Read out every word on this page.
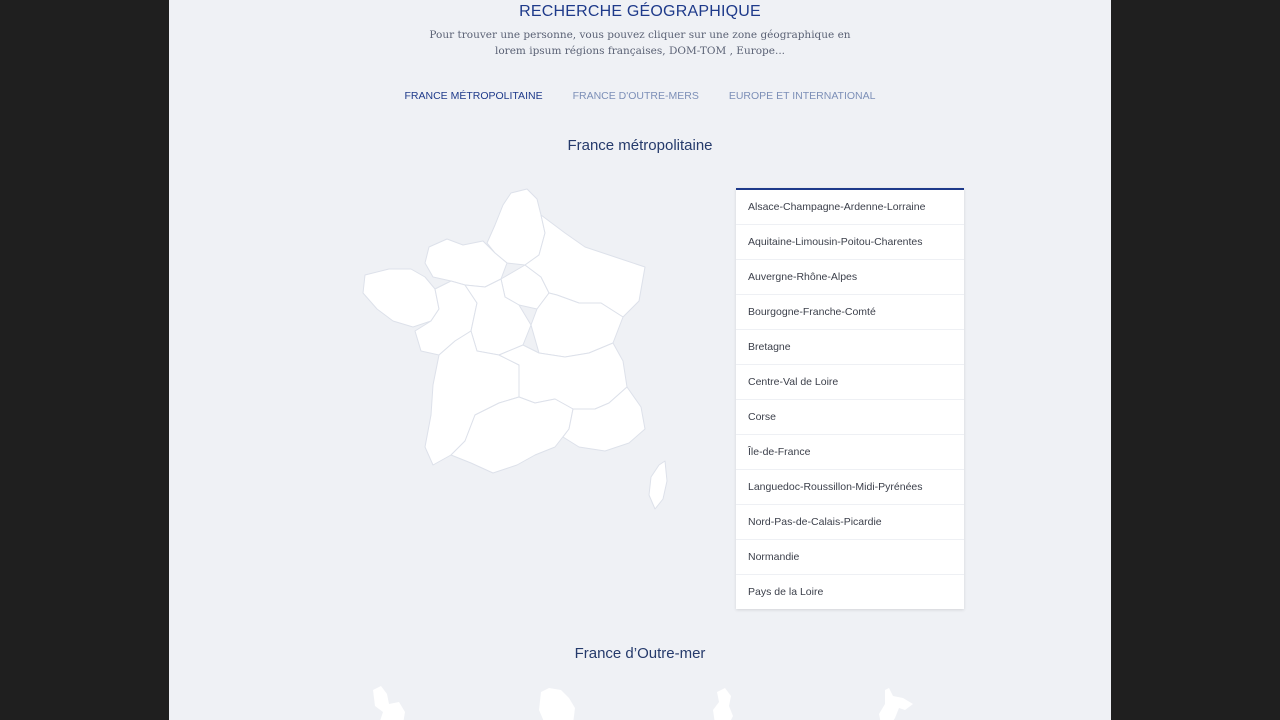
RECHERCHE GÉOGRAPHIQUE
Pour trouver une personne, vous pouvez cliquer sur une zone géographique en lorem ipsum régions françaises, DOM-TOM , Europe...
FRANCE MÉTROPOLITAINE	FRANCE D'OUTRE-MERS	EUROPE ET INTERNATIONAL
France métropolitaine
Alsace-Champagne-Ardenne-Lorraine
Aquitaine-Limousin-Poitou-Charentes
Auvergne-Rhône-Alpes
Bourgogne-Franche-Comté
Bretagne
Centre-Val de Loire
Corse
Île-de-France
Languedoc-Roussillon-Midi-Pyrénées
Nord-Pas-de-Calais-Picardie
Normandie
Pays de la Loire
France d’Outre-mer
